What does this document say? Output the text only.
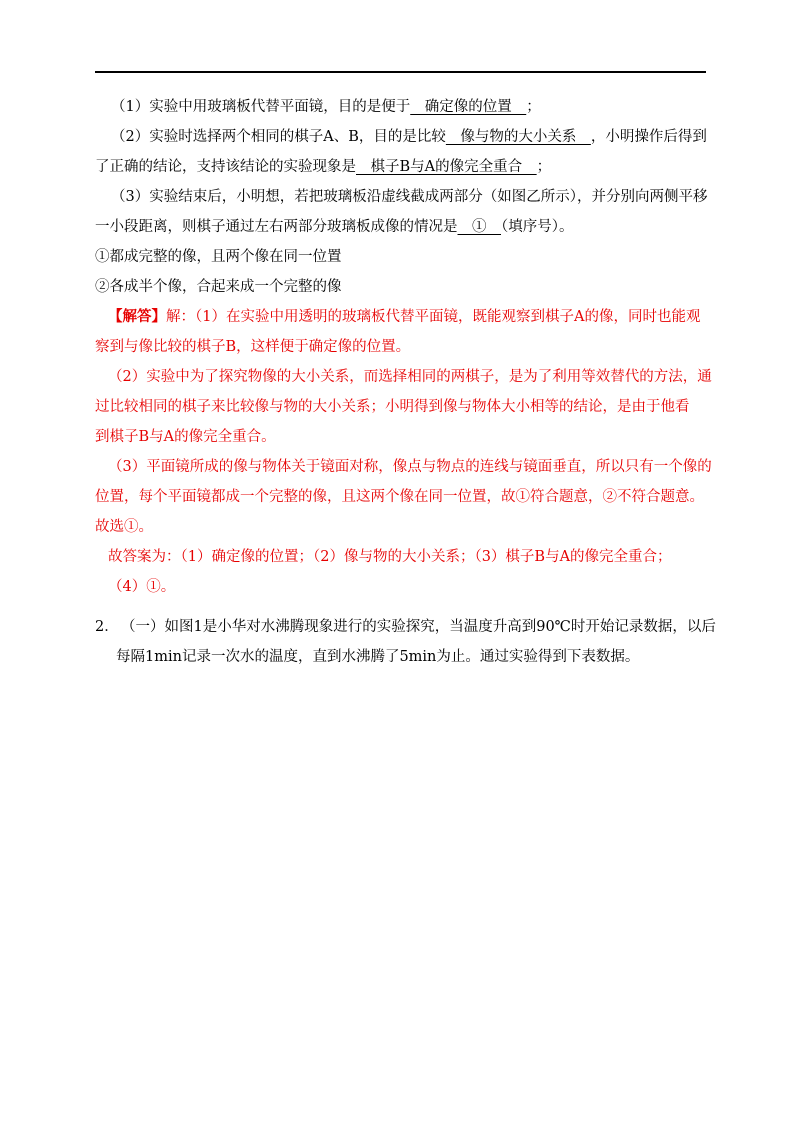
（1）实验中用玻璃板代替平面镜，目的是便于　确定像的位置　；
（2）实验时选择两个相同的棋子A、B，目的是比较　像与物的大小关系　，小明操作后得到
了正确的结论，支持该结论的实验现象是　棋子B与A的像完全重合　；
（3）实验结束后，小明想，若把玻璃板沿虚线截成两部分（如图乙所示），并分别向两侧平移
一小段距离，则棋子通过左右两部分玻璃板成像的情况是　①　（填序号）。
①都成完整的像，且两个像在同一位置
②各成半个像，合起来成一个完整的像
【解答】解：（1）在实验中用透明的玻璃板代替平面镜，既能观察到棋子A的像，同时也能观
察到与像比较的棋子B，这样便于确定像的位置。
（2）实验中为了探究物像的大小关系，而选择相同的两棋子，是为了利用等效替代的方法，通
过比较相同的棋子来比较像与物的大小关系；小明得到像与物体大小相等的结论，是由于他看
到棋子B与A的像完全重合。
（3）平面镜所成的像与物体关于镜面对称，像点与物点的连线与镜面垂直，所以只有一个像的
位置，每个平面镜都成一个完整的像，且这两个像在同一位置，故①符合题意，②不符合题意。
故选①。
故答案为：（1）确定像的位置；（2）像与物的大小关系；（3）棋子B与A的像完全重合；
（4）①。
2． （一）如图1是小华对水沸腾现象进行的实验探究，当温度升高到90℃时开始记录数据，以后
每隔1min记录一次水的温度，直到水沸腾了5min为止。通过实验得到下表数据。
